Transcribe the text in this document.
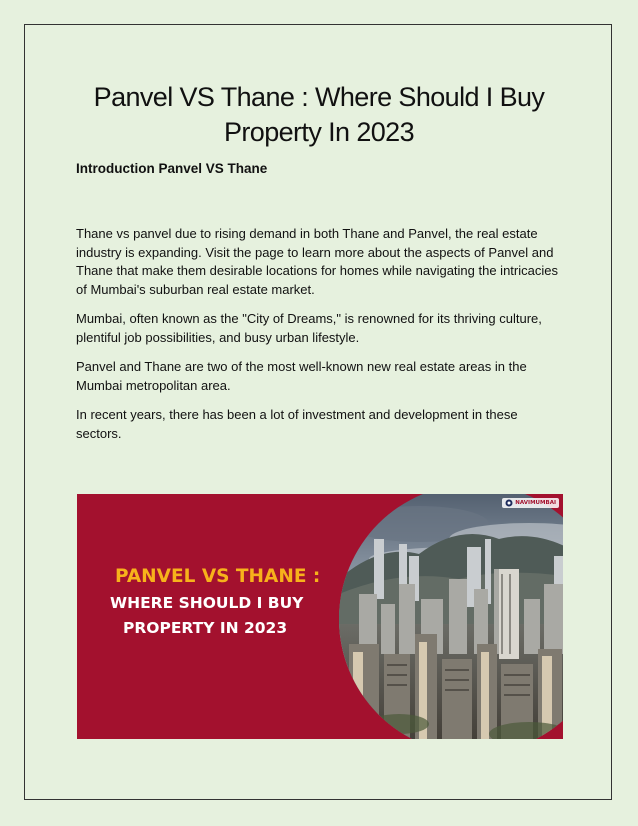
Panvel VS Thane : Where Should I Buy
Property In 2023
Introduction Panvel VS Thane

Thane vs panvel due to rising demand in both Thane and Panvel, the real estate industry is expanding. Visit the page to learn more about the aspects of Panvel and Thane that make them desirable locations for homes while navigating the intricacies of Mumbai's suburban real estate market.

Mumbai, often known as the "City of Dreams," is renowned for its thriving culture, plentiful job possibilities, and busy urban lifestyle.

Panvel and Thane are two of the most well-known new real estate areas in the Mumbai metropolitan area.

In recent years, there has been a lot of investment and development in these sectors.

PANVEL VS THANE :
WHERE SHOULD I BUY
PROPERTY IN 2023
NAVIMUMBAI
